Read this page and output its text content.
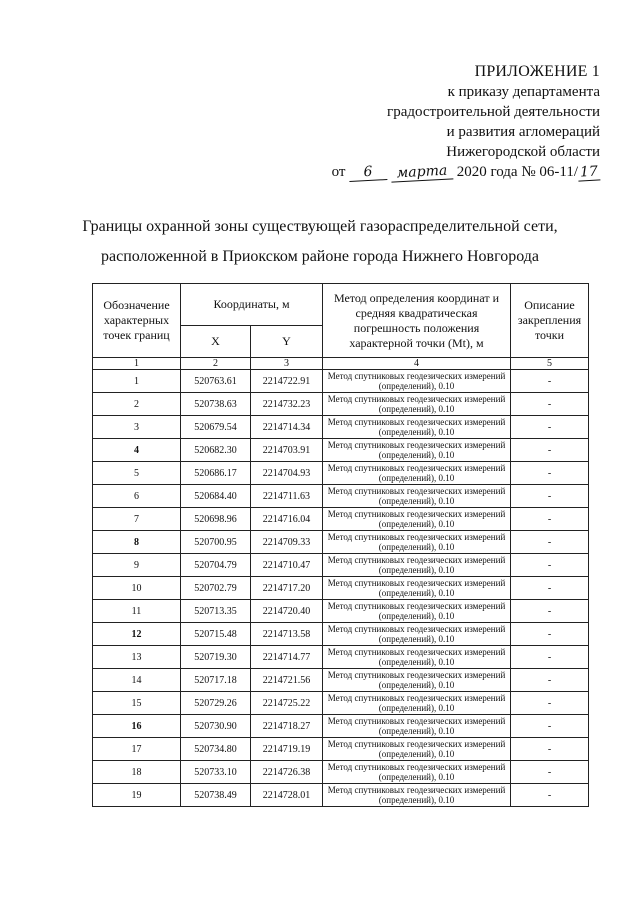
ПРИЛОЖЕНИЕ 1
к приказу департамента
градостроительной деятельности
и развития агломераций
Нижегородской области
от 6 марта 2020 года № 06-11/ 17
Границы охранной зоны существующей газораспределительной сети,
расположенной в Приокском районе города Нижнего Новгорода
Обозначение характерных точек границ	Координаты, м		Метод определения координат и средняя квадратическая погрешность положения характерной точки (Mt), м	Описание закрепления точки
	X	Y		
1	2	3	4	5
1	520763.61	2214722.91	Метод спутниковых геодезических измерений (определений), 0.10	-
2	520738.63	2214732.23	Метод спутниковых геодезических измерений (определений), 0.10	-
3	520679.54	2214714.34	Метод спутниковых геодезических измерений (определений), 0.10	-
4	520682.30	2214703.91	Метод спутниковых геодезических измерений (определений), 0.10	-
5	520686.17	2214704.93	Метод спутниковых геодезических измерений (определений), 0.10	-
6	520684.40	2214711.63	Метод спутниковых геодезических измерений (определений), 0.10	-
7	520698.96	2214716.04	Метод спутниковых геодезических измерений (определений), 0.10	-
8	520700.95	2214709.33	Метод спутниковых геодезических измерений (определений), 0.10	-
9	520704.79	2214710.47	Метод спутниковых геодезических измерений (определений), 0.10	-
10	520702.79	2214717.20	Метод спутниковых геодезических измерений (определений), 0.10	-
11	520713.35	2214720.40	Метод спутниковых геодезических измерений (определений), 0.10	-
12	520715.48	2214713.58	Метод спутниковых геодезических измерений (определений), 0.10	-
13	520719.30	2214714.77	Метод спутниковых геодезических измерений (определений), 0.10	-
14	520717.18	2214721.56	Метод спутниковых геодезических измерений (определений), 0.10	-
15	520729.26	2214725.22	Метод спутниковых геодезических измерений (определений), 0.10	-
16	520730.90	2214718.27	Метод спутниковых геодезических измерений (определений), 0.10	-
17	520734.80	2214719.19	Метод спутниковых геодезических измерений (определений), 0.10	-
18	520733.10	2214726.38	Метод спутниковых геодезических измерений (определений), 0.10	-
19	520738.49	2214728.01	Метод спутниковых геодезических измерений (определений), 0.10	-
